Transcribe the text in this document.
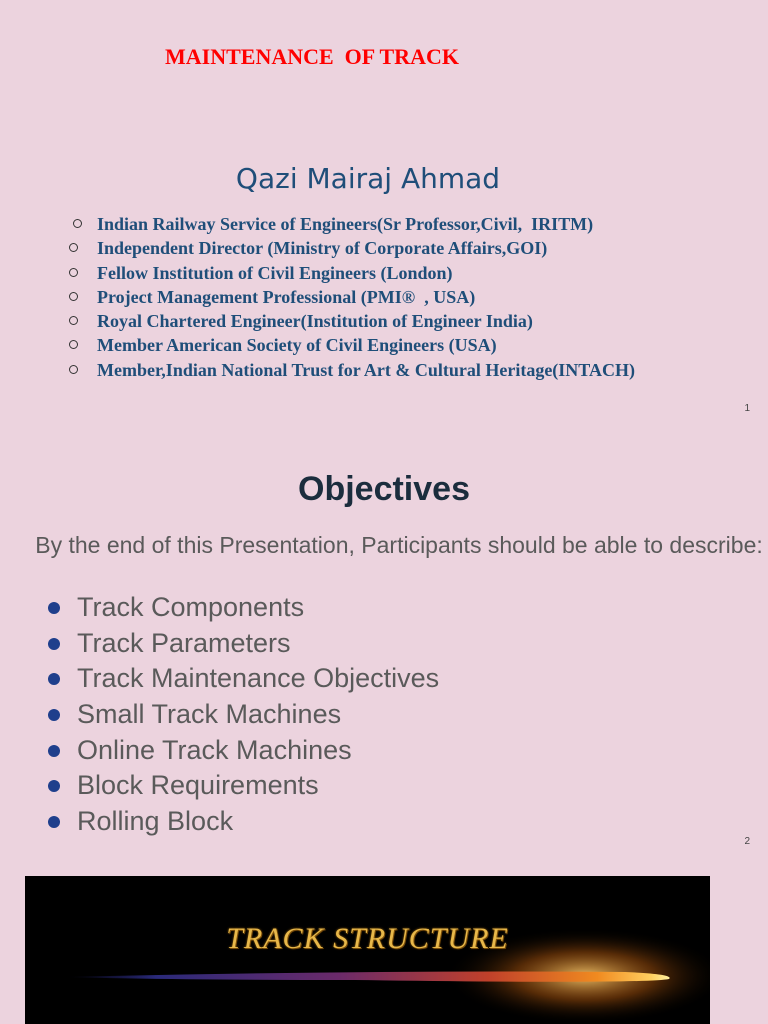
MAINTENANCE  OF TRACK
Qazi Mairaj Ahmad
Indian Railway Service of Engineers(Sr Professor,Civil,  IRITM)
Independent Director (Ministry of Corporate Affairs,GOI)
Fellow Institution of Civil Engineers (London)
Project Management Professional (PMI®  , USA)
Royal Chartered Engineer(Institution of Engineer India)
Member American Society of Civil Engineers (USA)
Member,Indian National Trust for Art & Cultural Heritage(INTACH)
1
Objectives
By the end of this Presentation, Participants should be able to describe:
Track Components
Track Parameters
Track Maintenance Objectives
Small Track Machines
Online Track Machines
Block Requirements
Rolling Block
2
TRACK STRUCTURE
